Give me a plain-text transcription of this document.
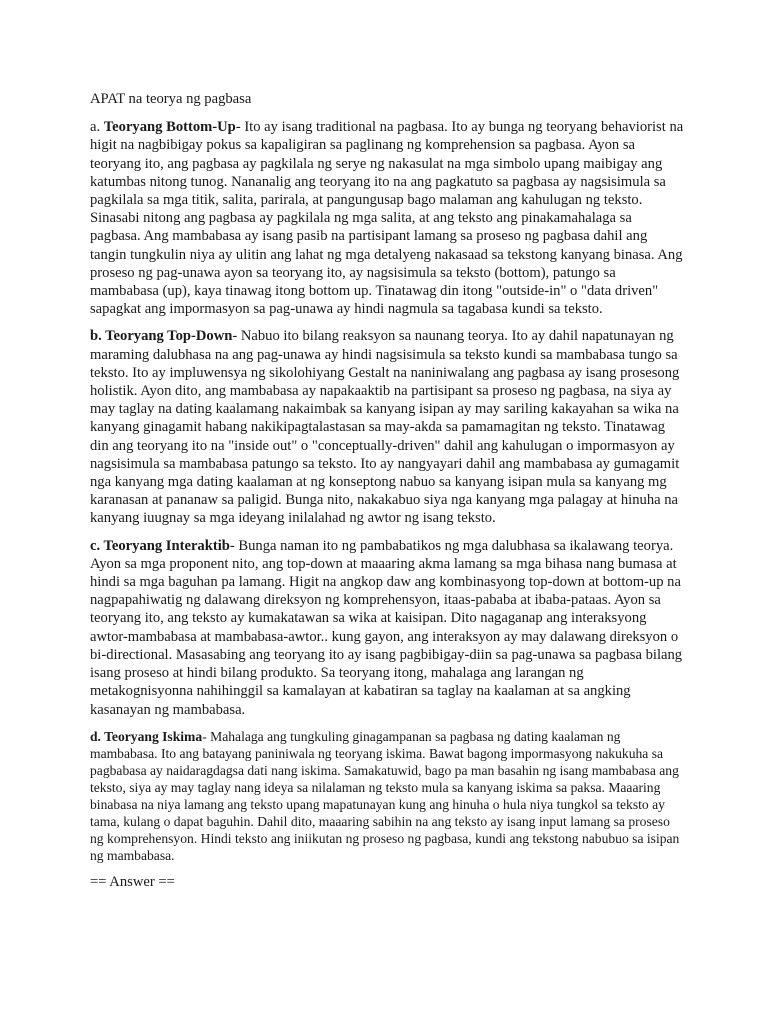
APAT na teorya ng pagbasa

a. Teoryang Bottom-Up- Ito ay isang traditional na pagbasa. Ito ay bunga ng teoryang behaviorist na higit na nagbibigay pokus sa kapaligiran sa paglinang ng komprehension sa pagbasa. Ayon sa teoryang ito, ang pagbasa ay pagkilala ng serye ng nakasulat na mga simbolo upang maibigay ang katumbas nitong tunog. Nananalig ang teoryang ito na ang pagkatuto sa pagbasa ay nagsisimula sa pagkilala sa mga titik, salita, parirala, at pangungusap bago malaman ang kahulugan ng teksto. Sinasabi nitong ang pagbasa ay pagkilala ng mga salita, at ang teksto ang pinakamahalaga sa pagbasa. Ang mambabasa ay isang pasib na partisipant lamang sa proseso ng pagbasa dahil ang tangin tungkulin niya ay ulitin ang lahat ng mga detalyeng nakasaad sa tekstong kanyang binasa. Ang proseso ng pag-unawa ayon sa teoryang ito, ay nagsisimula sa teksto (bottom), patungo sa mambabasa (up), kaya tinawag itong bottom up. Tinatawag din itong "outside-in" o "data driven" sapagkat ang impormasyon sa pag-unawa ay hindi nagmula sa tagabasa kundi sa teksto.

b. Teoryang Top-Down- Nabuo ito bilang reaksyon sa naunang teorya. Ito ay dahil napatunayan ng maraming dalubhasa na ang pag-unawa ay hindi nagsisimula sa teksto kundi sa mambabasa tungo sa teksto. Ito ay impluwensya ng sikolohiyang Gestalt na naniniwalang ang pagbasa ay isang prosesong holistik. Ayon dito, ang mambabasa ay napakaaktib na partisipant sa proseso ng pagbasa, na siya ay may taglay na dating kaalamang nakaimbak sa kanyang isipan ay may sariling kakayahan sa wika na kanyang ginagamit habang nakikipagtalastasan sa may-akda sa pamamagitan ng teksto. Tinatawag din ang teoryang ito na "inside out" o "conceptually-driven" dahil ang kahulugan o impormasyon ay nagsisimula sa mambabasa patungo sa teksto. Ito ay nangyayari dahil ang mambabasa ay gumagamit nga kanyang mga dating kaalaman at ng konseptong nabuo sa kanyang isipan mula sa kanyang mg karanasan at pananaw sa paligid. Bunga nito, nakakabuo siya nga kanyang mga palagay at hinuha na kanyang iuugnay sa mga ideyang inilalahad ng awtor ng isang teksto.

c. Teoryang Interaktib- Bunga naman ito ng pambabatikos ng mga dalubhasa sa ikalawang teorya. Ayon sa mga proponent nito, ang top-down at maaaring akma lamang sa mga bihasa nang bumasa at hindi sa mga baguhan pa lamang. Higit na angkop daw ang kombinasyong top-down at bottom-up na nagpapahiwatig ng dalawang direksyon ng komprehensyon, itaas-pababa at ibaba-pataas. Ayon sa teoryang ito, ang teksto ay kumakatawan sa wika at kaisipan. Dito nagaganap ang interaksyong awtor-mambabasa at mambabasa-awtor.. kung gayon, ang interaksyon ay may dalawang direksyon o bi-directional. Masasabing ang teoryang ito ay isang pagbibigay-diin sa pag-unawa sa pagbasa bilang isang proseso at hindi bilang produkto. Sa teoryang itong, mahalaga ang larangan ng metakognisyonna nahihinggil sa kamalayan at kabatiran sa taglay na kaalaman at sa angking kasanayan ng mambabasa.

d. Teoryang Iskima- Mahalaga ang tungkuling ginagampanan sa pagbasa ng dating kaalaman ng mambabasa. Ito ang batayang paniniwala ng teoryang iskima. Bawat bagong impormasyong nakukuha sa pagbabasa ay naidaragdagsa dati nang iskima. Samakatuwid, bago pa man basahin ng isang mambabasa ang teksto, siya ay may taglay nang ideya sa nilalaman ng teksto mula sa kanyang iskima sa paksa. Maaaring binabasa na niya lamang ang teksto upang mapatunayan kung ang hinuha o hula niya tungkol sa teksto ay tama, kulang o dapat baguhin. Dahil dito, maaaring sabihin na ang teksto ay isang input lamang sa proseso ng komprehensyon. Hindi teksto ang iniikutan ng proseso ng pagbasa, kundi ang tekstong nabubuo sa isipan ng mambabasa.

== Answer ==
